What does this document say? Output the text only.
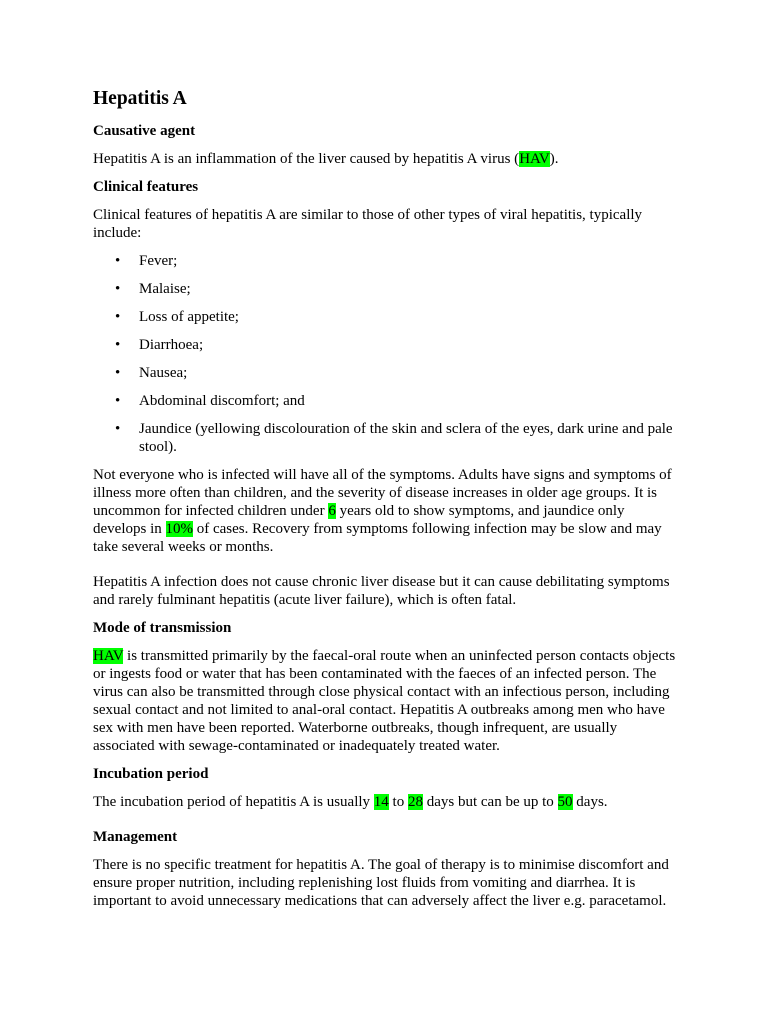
Hepatitis A
Causative agent

Hepatitis A is an inflammation of the liver caused by hepatitis A virus (HAV).

Clinical features

Clinical features of hepatitis A are similar to those of other types of viral hepatitis, typically include:

• Fever;
• Malaise;
• Loss of appetite;
• Diarrhoea;
• Nausea;
• Abdominal discomfort; and
• Jaundice (yellowing discolouration of the skin and sclera of the eyes, dark urine and pale stool).

Not everyone who is infected will have all of the symptoms. Adults have signs and symptoms of illness more often than children, and the severity of disease increases in older age groups. It is uncommon for infected children under 6 years old to show symptoms, and jaundice only develops in 10% of cases. Recovery from symptoms following infection may be slow and may take several weeks or months.

Hepatitis A infection does not cause chronic liver disease but it can cause debilitating symptoms and rarely fulminant hepatitis (acute liver failure), which is often fatal.

Mode of transmission

HAV is transmitted primarily by the faecal-oral route when an uninfected person contacts objects or ingests food or water that has been contaminated with the faeces of an infected person. The virus can also be transmitted through close physical contact with an infectious person, including sexual contact and not limited to anal-oral contact. Hepatitis A outbreaks among men who have sex with men have been reported. Waterborne outbreaks, though infrequent, are usually associated with sewage-contaminated or inadequately treated water.

Incubation period

The incubation period of hepatitis A is usually 14 to 28 days but can be up to 50 days.

Management

There is no specific treatment for hepatitis A. The goal of therapy is to minimise discomfort and ensure proper nutrition, including replenishing lost fluids from vomiting and diarrhea. It is important to avoid unnecessary medications that can adversely affect the liver e.g. paracetamol.
